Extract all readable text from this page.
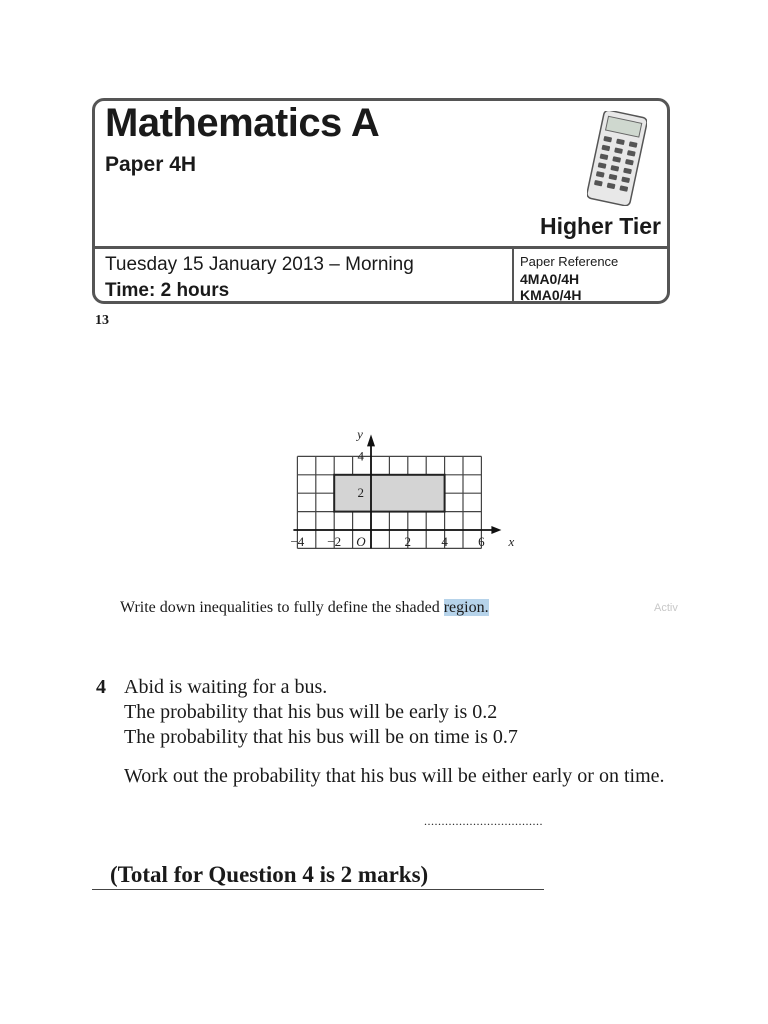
Mathematics A
Paper 4H
Higher Tier
Tuesday 15 January 2013 – Morning
Time: 2 hours
Paper Reference
4MA0/4H
KMA0/4H
13
−4 −2	2 4 6
4
2
O	x
y
Write down inequalities to fully define the shaded region.	Activ
4 Abid is waiting for a bus.
The probability that his bus will be early is 0.2
The probability that his bus will be on time is 0.7
Work out the probability that his bus will be either early or on time.
..................................
(Total for Question 4 is 2 marks)
